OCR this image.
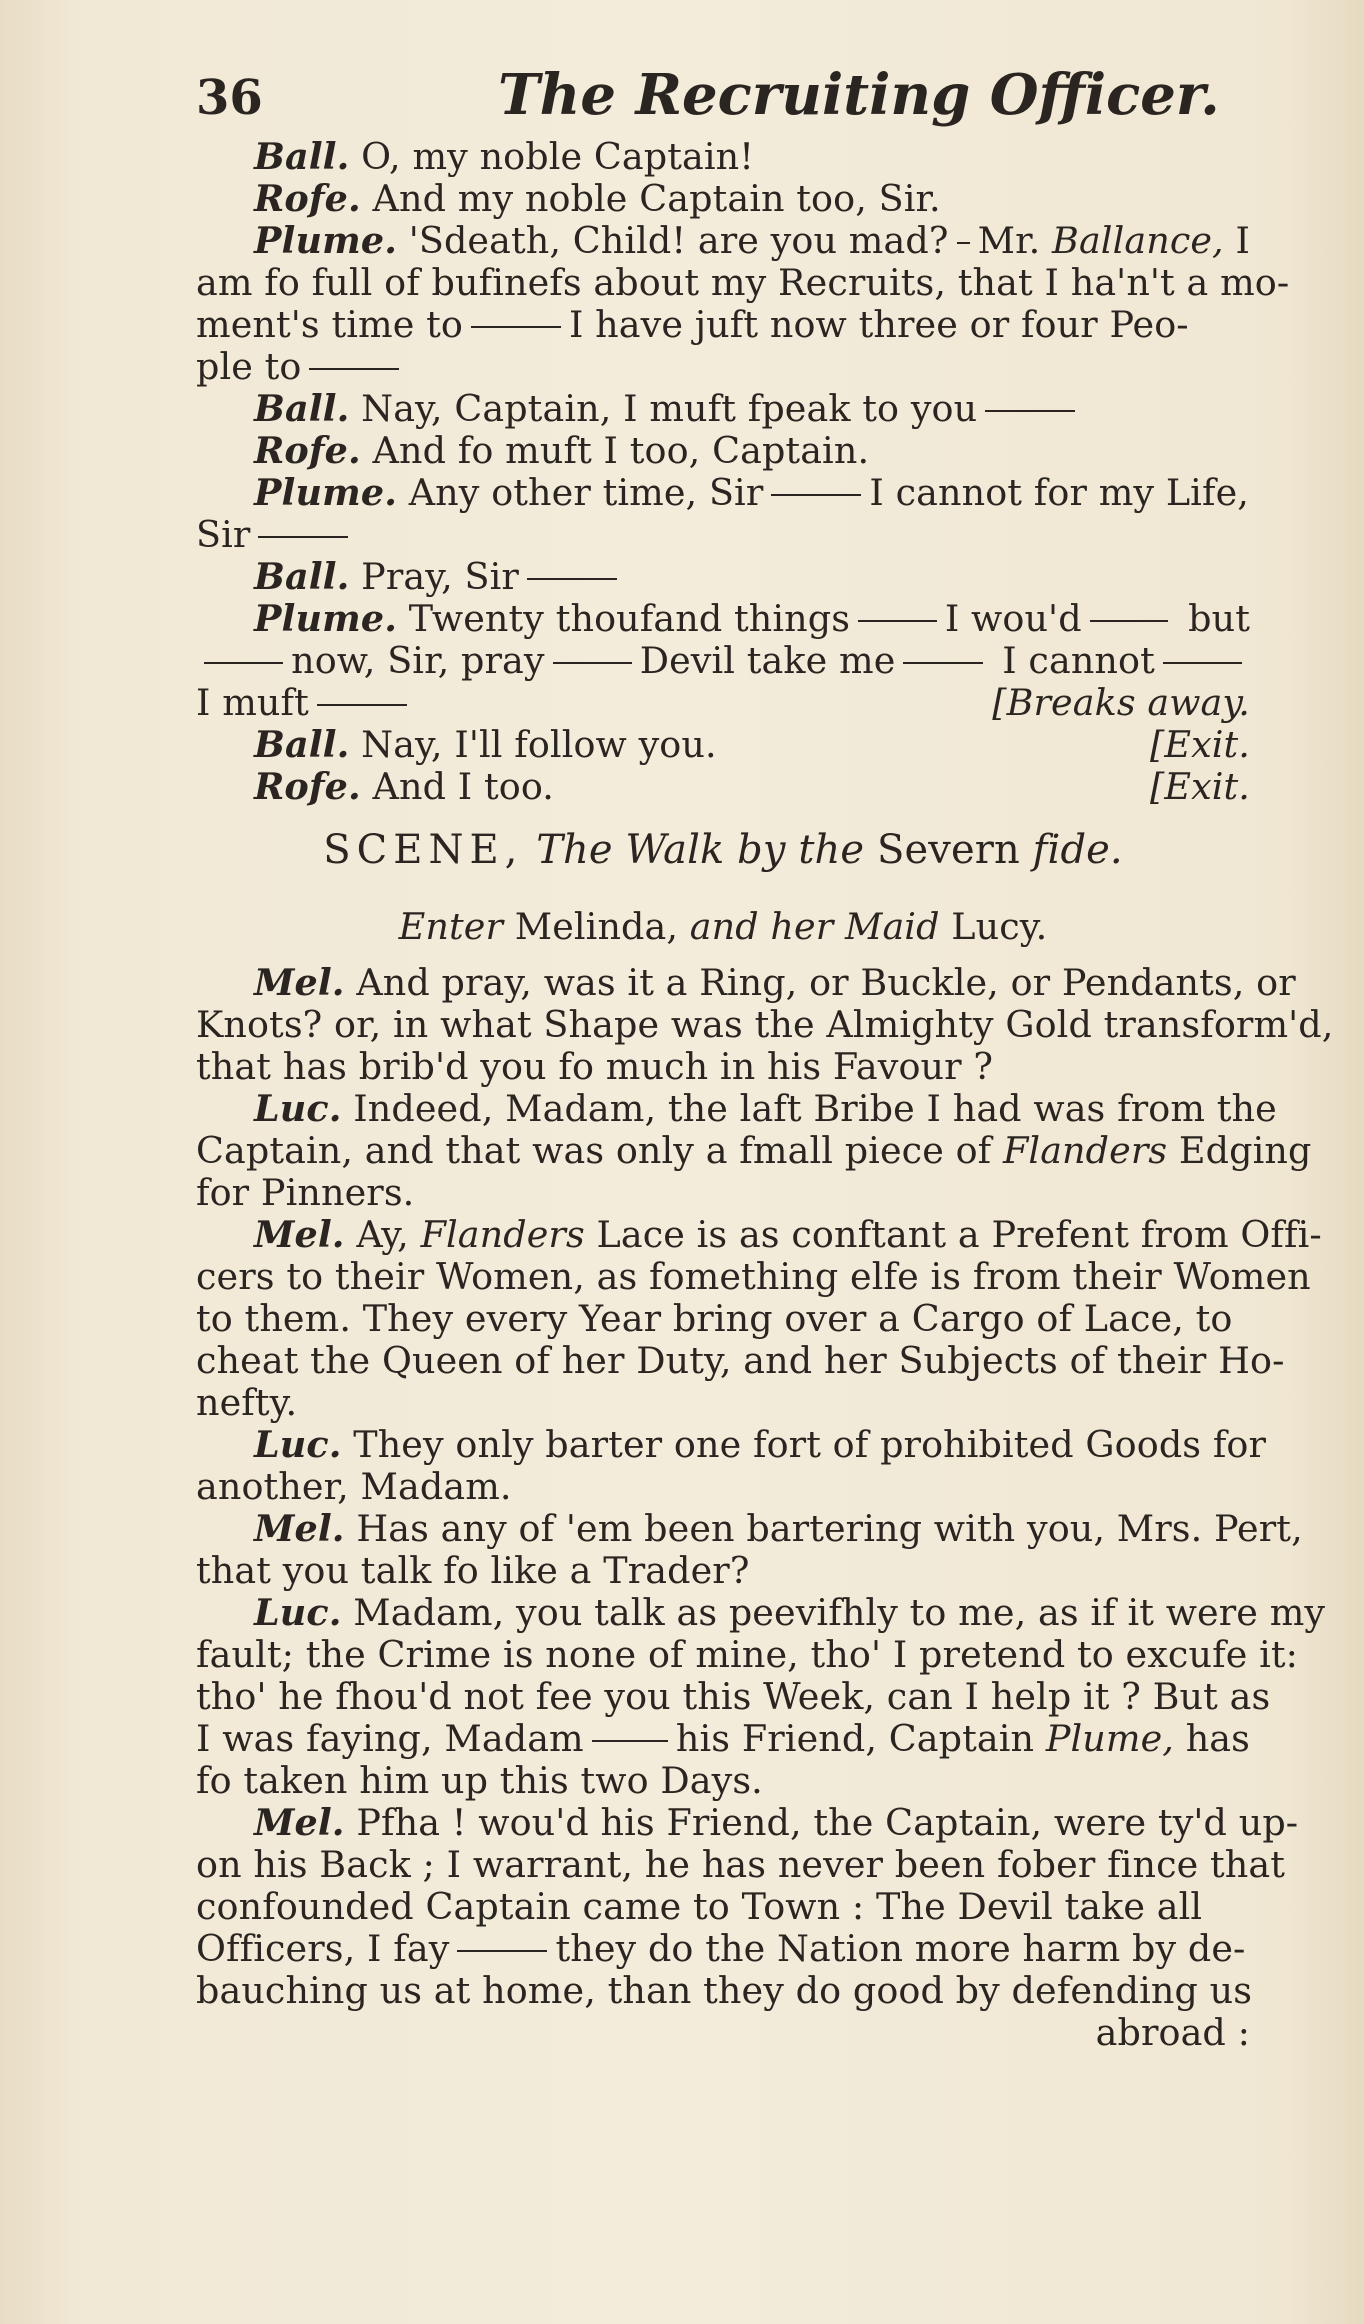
36	The Recruiting Officer.
Ball.
O, my noble Captain!
Rofe.
And my noble Captain too, Sir.
Plume.
'Sdeath, Child! are you mad? Mr.
Ballance,
I
am fo full of bufinefs about my Recruits, that I ha'n't a mo-
ment's time to	I have juft now three or four Peo-
ple to
Ball.
Nay, Captain, I muft fpeak to you
Rofe.
And fo muft I too, Captain.
Plume.
Any other time, Sir	I cannot for my Life,
Sir
Ball.
Pray, Sir
Plume.
Twenty thoufand things	I wou'd
	but
now, Sir, pray	Devil take me
	I cannot
I muft	[Breaks away.
Ball.
Nay, I'll follow you.	[Exit.
Rofe.
And I too.	[Exit.
SCENE, The Walk by the Severn fide.
Enter Melinda, and her Maid Lucy.
Mel.
And pray, was it a Ring, or Buckle, or Pendants, or
Knots? or, in what Shape was the Almighty Gold transform'd,
that has brib'd you fo much in his Favour ?
Luc.
Indeed, Madam, the laft Bribe I had was from the
Captain, and that was only a fmall piece of
Flanders
Edging
for Pinners.
Mel.
Ay,
Flanders
Lace is as conftant a Prefent from Offi-
cers to their Women, as fomething elfe is from their Women
to them. They every Year bring over a Cargo of Lace, to
cheat the Queen of her Duty, and her Subjects of their Ho-
nefty.
Luc.
They only barter one fort of prohibited Goods for
another, Madam.
Mel.
Has any of 'em been bartering with you, Mrs. Pert,
that you talk fo like a Trader?
Luc.
Madam, you talk as peevifhly to me, as if it were my
fault; the Crime is none of mine, tho' I pretend to excufe it:
tho' he fhou'd not fee you this Week, can I help it ? But as
I was faying, Madam	his Friend, Captain
Plume,
has
fo taken him up this two Days.
Mel.
Pfha ! wou'd his Friend, the Captain, were ty'd up-
on his Back ; I warrant, he has never been fober fince that
confounded Captain came to Town : The Devil take all
Officers, I fay	they do the Nation more harm by de-
bauching us at home, than they do good by defending us
abroad :
